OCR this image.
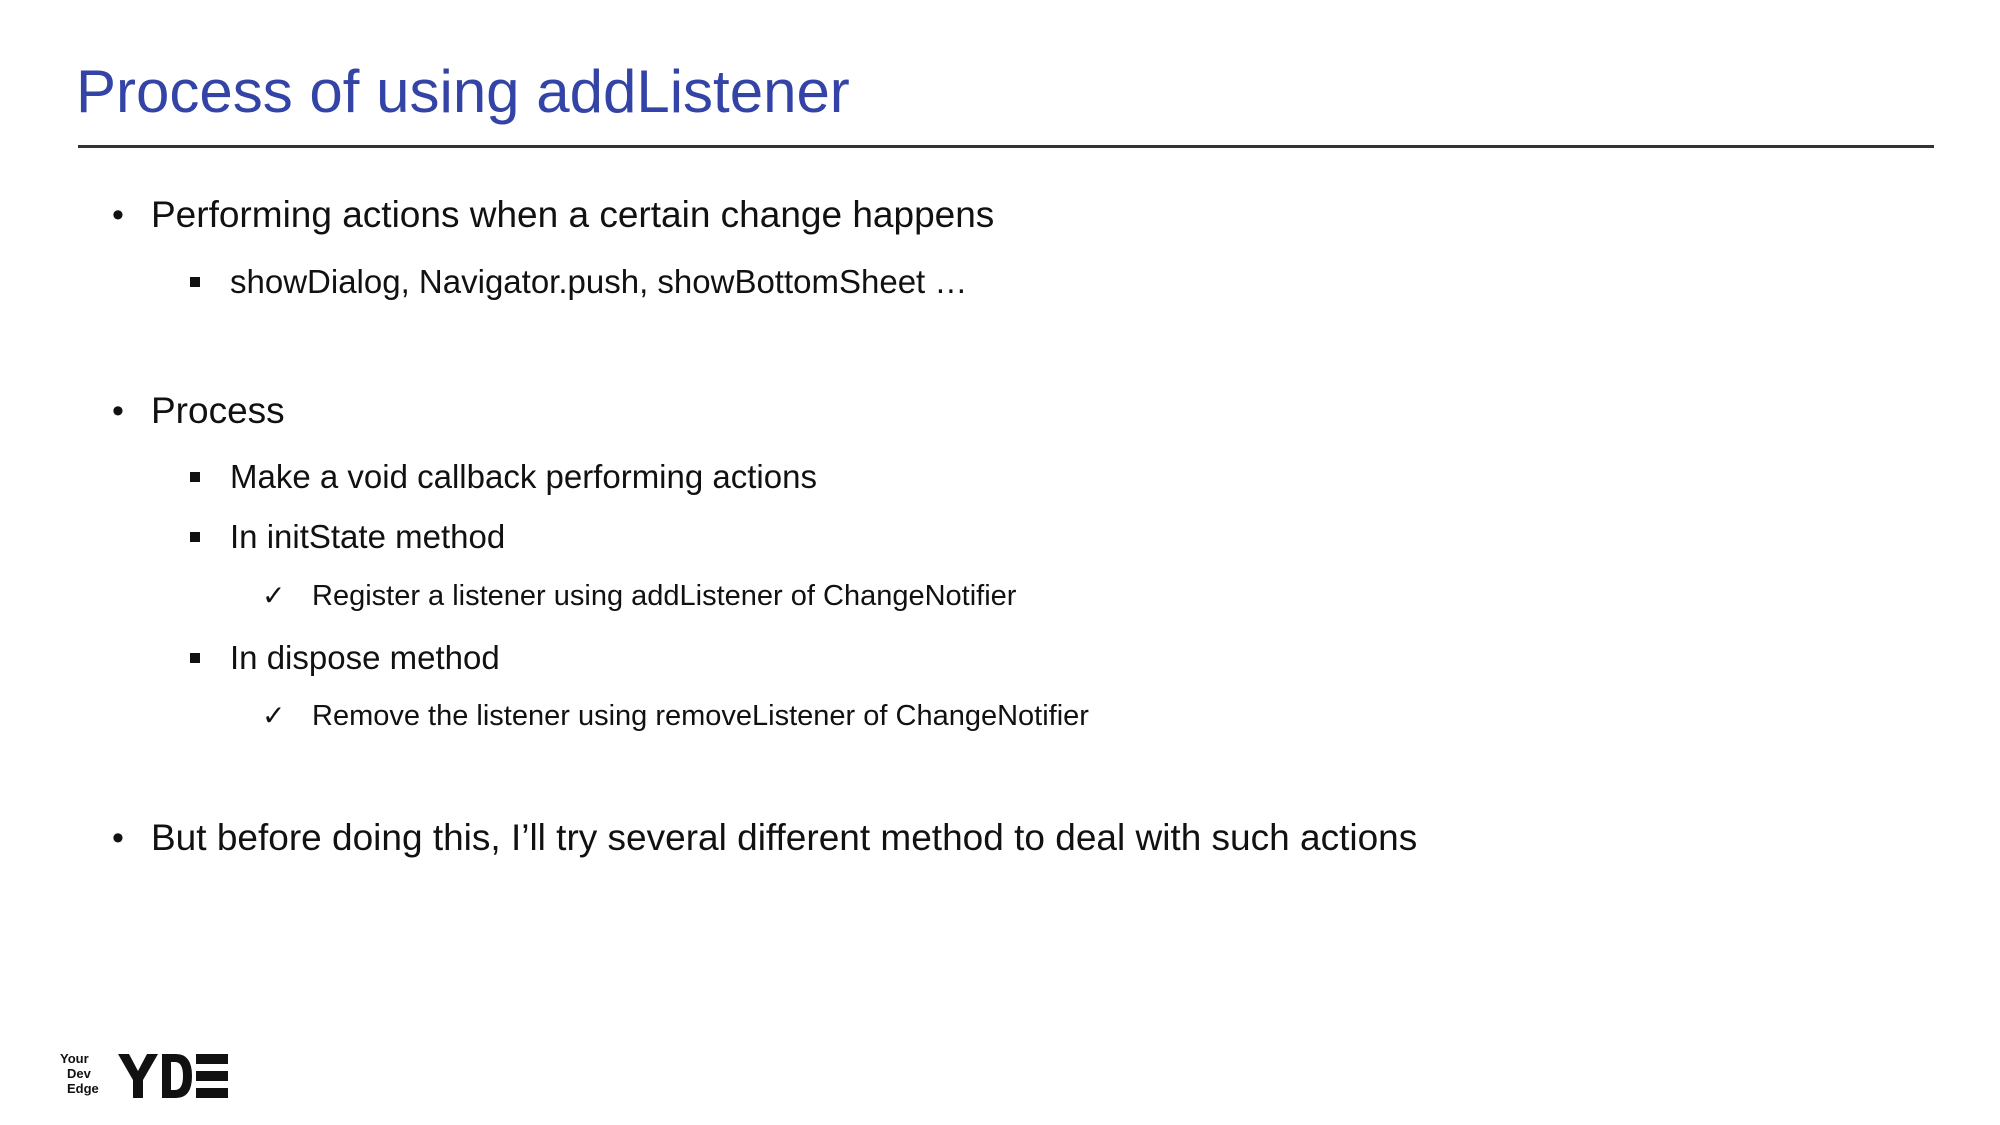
Process of using addListener
• Performing actions when a certain change happens
showDialog, Navigator.push, showBottomSheet …
• Process
Make a void callback performing actions
In initState method
✓ Register a listener using addListener of ChangeNotifier
In dispose method
✓ Remove the listener using removeListener of ChangeNotifier
• But before doing this, I’ll try several different method to deal with such actions
Your
Dev
Edge
